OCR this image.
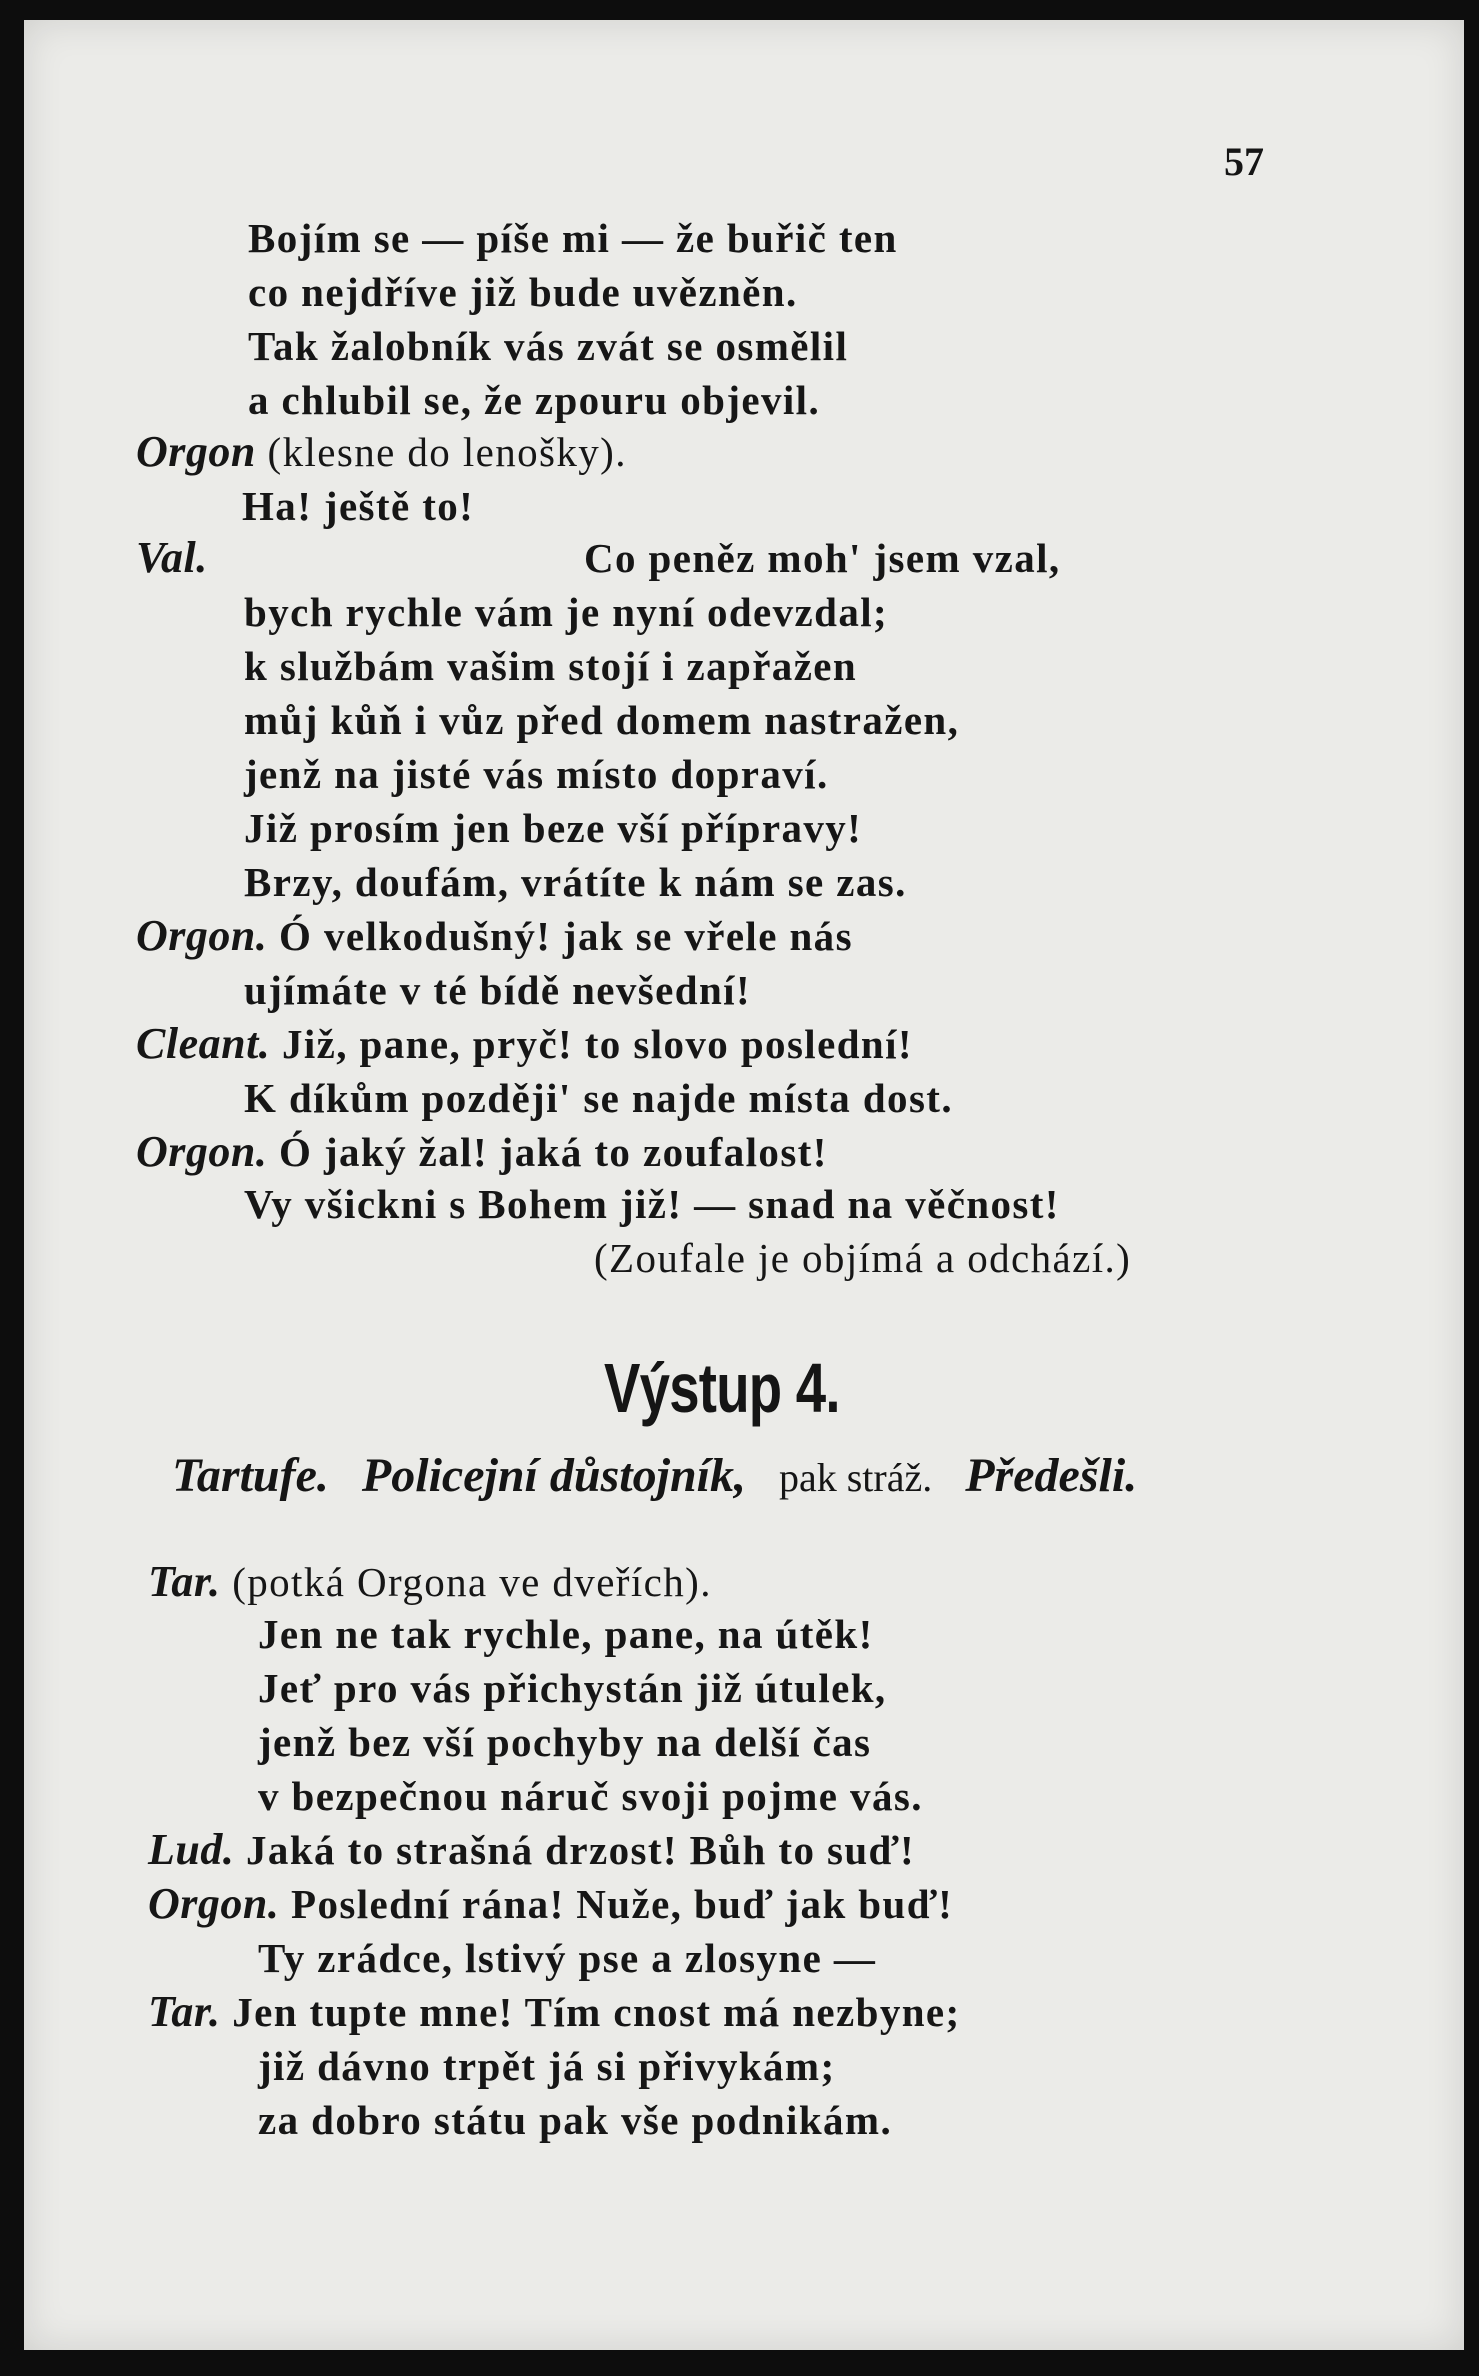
57
Bojím se — píše mi — že buřič ten
co nejdříve již bude uvězněn.
Tak žalobník vás zvát se osmělil
a chlubil se, že zpouru objevil.
Orgon (klesne do lenošky).
Ha! ještě to!
Val.	Co peněz moh' jsem vzal,
bych rychle vám je nyní odevzdal;
k službám vašim stojí i zapřažen
můj kůň i vůz před domem nastražen,
jenž na jisté vás místo doprаví.
Již prosím jen beze vší přípravy!
Brzy, doufám, vrátíte k nám se zas.
Orgon. Ó velkodušný! jak se vřele nás
ujímáte v té bídě nevšední!
Cleant. Již, pane, pryč! to slovo poslední!
K díkům později' se najde místa dost.
Orgon. Ó jaký žal! jaká to zoufalost!
Vy všickni s Bohem již! — snad na věčnost!
(Zoufale je objímá a odchází.)
Výstup 4.
Tartufe. Policejní důstojník, pak stráž. Předešli.
Tar. (potká Orgona ve dveřích).
Jen ne tak rychle, pane, na útěk!
Jeť pro vás přichystán již útulek,
jenž bez vší pochyby na delší čas
v bezpečnou náruč svoji pojme vás.
Lud. Jaká to strašná drzost! Bůh to suď!
Orgon. Poslední rána! Nuže, buď jak buď!
Ty zrádce, lstivý pse a zlosyne —
Tar. Jen tupte mne! Tím cnost má nezbyne;
již dávno trpět já si přivykám;
za dobro státu pak vše podnikám.
